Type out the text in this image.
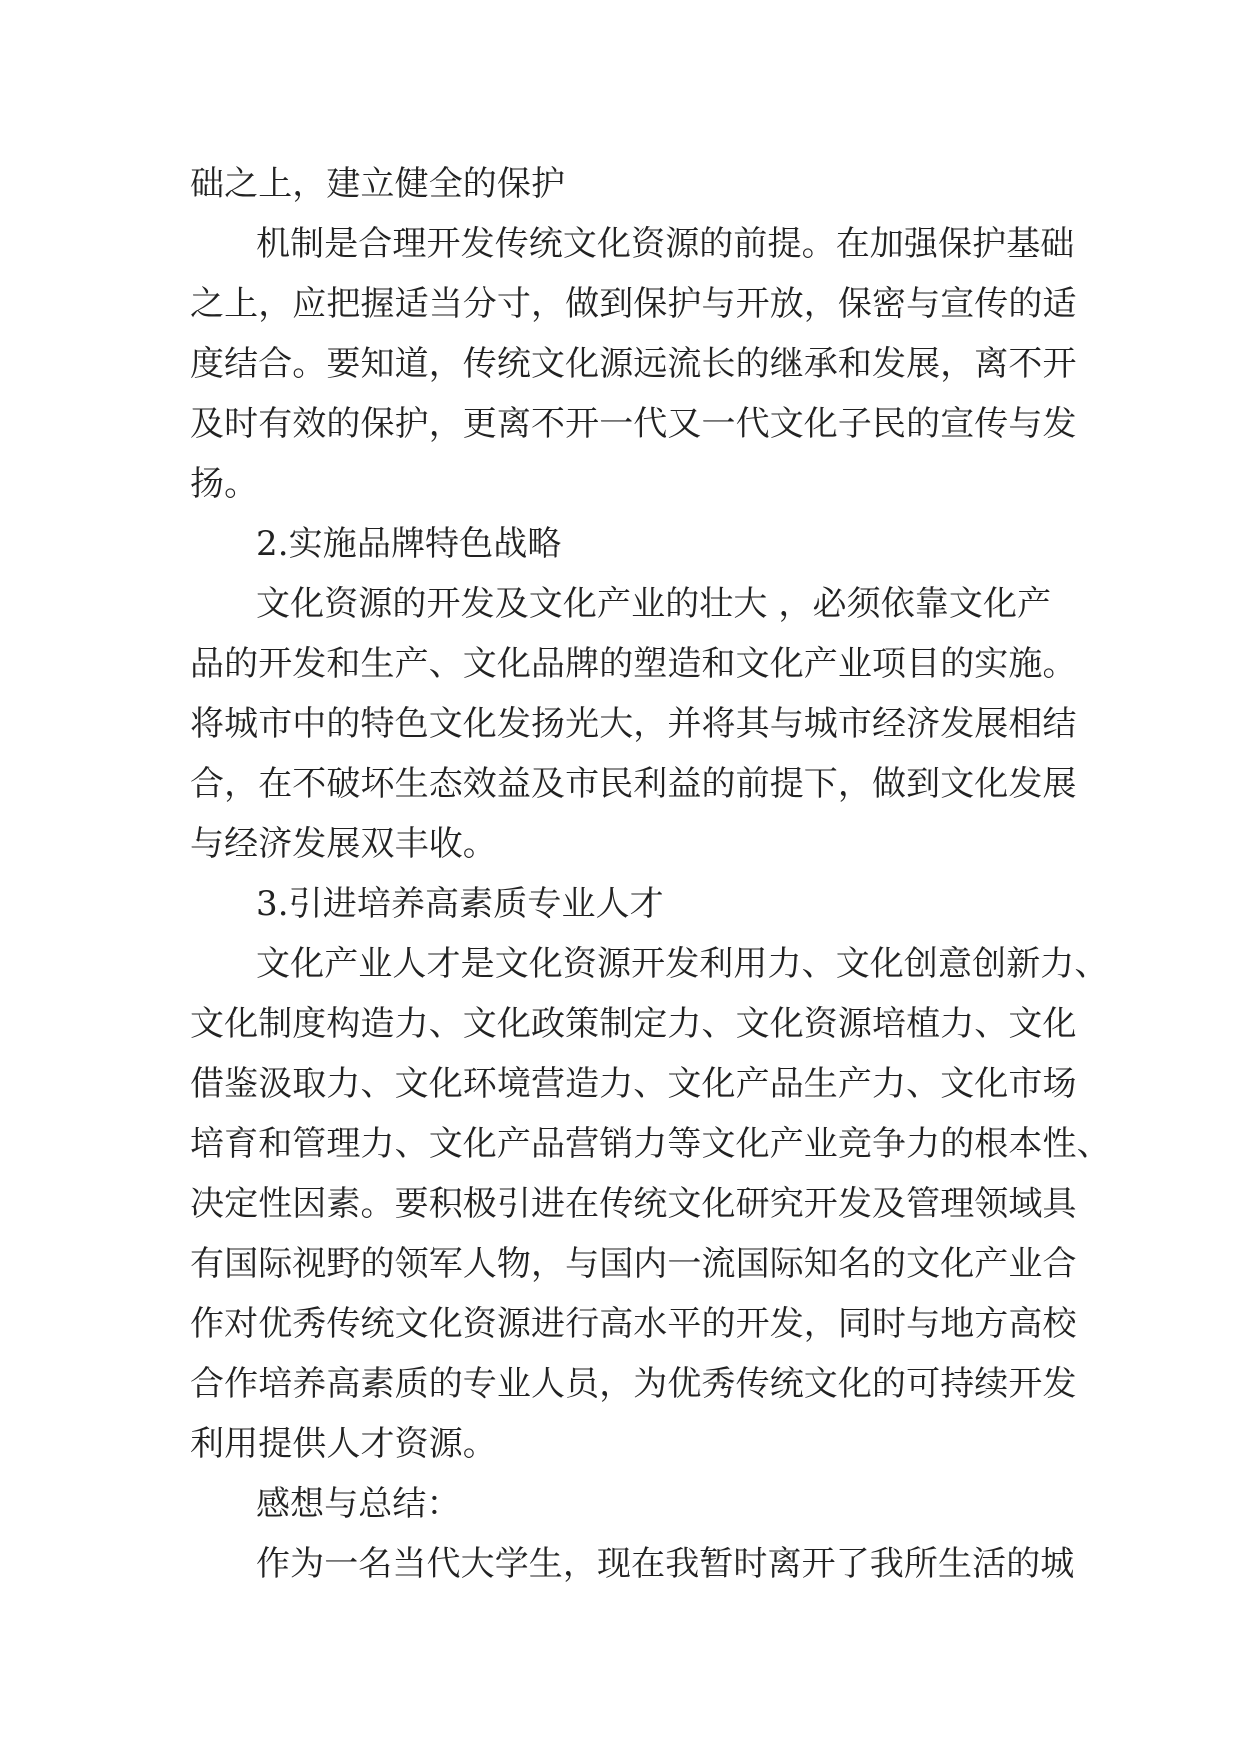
础之上，建立健全的保护
机制是合理开发传统文化资源的前提。在加强保护基础
之上，应把握适当分寸，做到保护与开放，保密与宣传的适
度结合。要知道，传统文化源远流长的继承和发展，离不开
及时有效的保护，更离不开一代又一代文化子民的宣传与发
扬。
2.实施品牌特色战略
文化资源的开发及文化产业的壮大 ，必须依靠文化产
品的开发和生产、文化品牌的塑造和文化产业项目的实施。
将城市中的特色文化发扬光大，并将其与城市经济发展相结
合，在不破坏生态效益及市民利益的前提下，做到文化发展
与经济发展双丰收。
3.引进培养高素质专业人才
文化产业人才是文化资源开发利用力、文化创意创新力、
文化制度构造力、文化政策制定力、文化资源培植力、文化
借鉴汲取力、文化环境营造力、文化产品生产力、文化市场
培育和管理力、文化产品营销力等文化产业竞争力的根本性、
决定性因素。要积极引进在传统文化研究开发及管理领域具
有国际视野的领军人物，与国内一流国际知名的文化产业合
作对优秀传统文化资源进行高水平的开发，同时与地方高校
合作培养高素质的专业人员，为优秀传统文化的可持续开发
利用提供人才资源。
感想与总结：
作为一名当代大学生，现在我暂时离开了我所生活的城
